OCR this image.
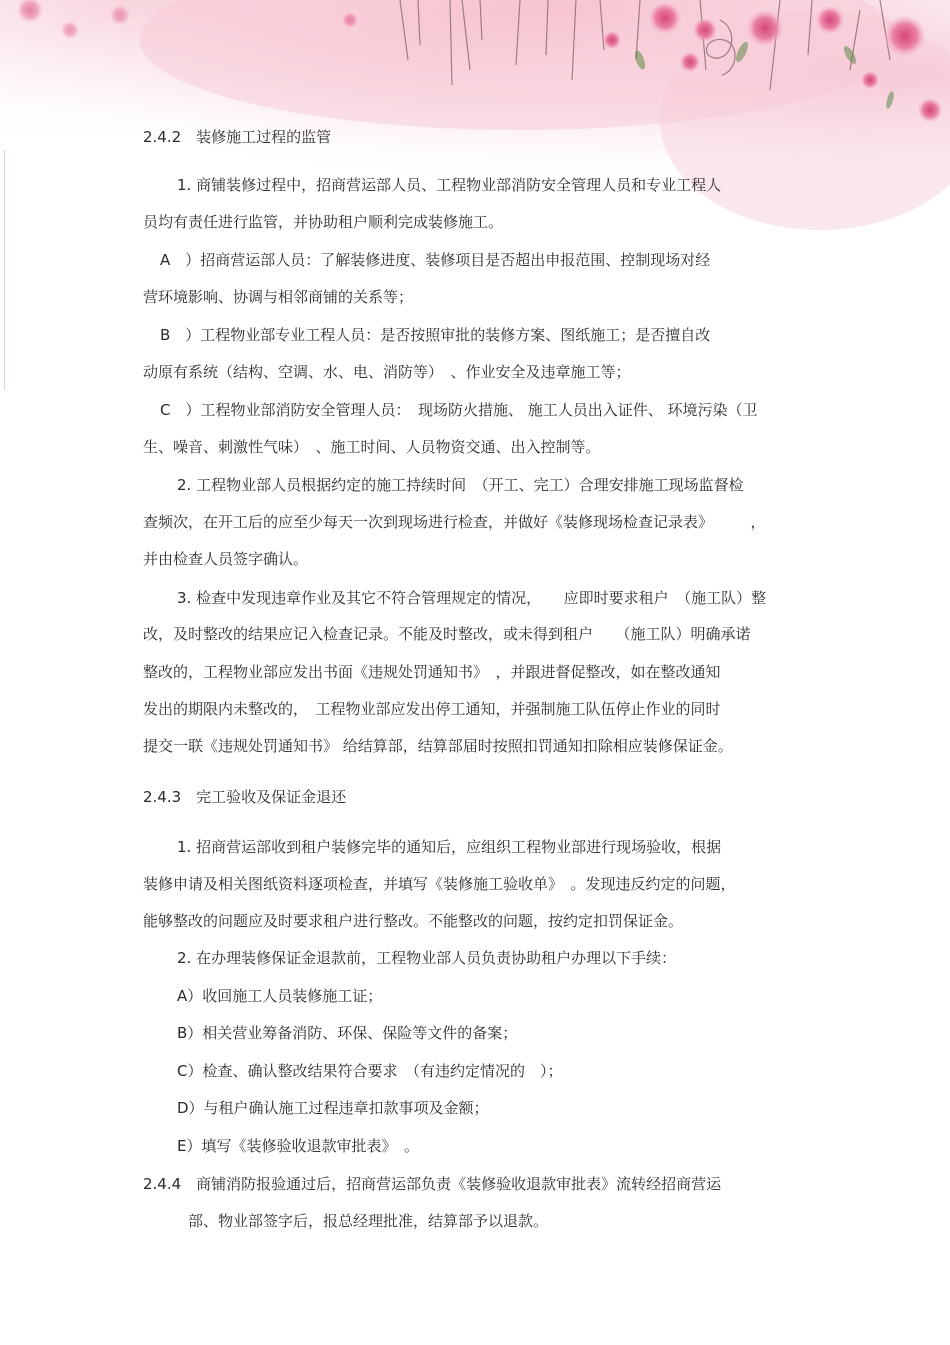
2.4.2　装修施工过程的监管
1. 商铺装修过程中，招商营运部人员、工程物业部消防安全管理人员和专业工程人
员均有责任进行监管，并协助租户顺利完成装修施工。
A　）招商营运部人员：了解装修进度、装修项目是否超出申报范围、控制现场对经
营环境影响、协调与相邻商铺的关系等；
B　）工程物业部专业工程人员：是否按照审批的装修方案、图纸施工；是否擅自改
动原有系统（结构、空调、水、电、消防等）　、作业安全及违章施工等；
C　）工程物业部消防安全管理人员：　现场防火措施、 施工人员出入证件、 环境污染（卫
生、噪音、刺激性气味）　、施工时间、人员物资交通、出入控制等。
2. 工程物业部人员根据约定的施工持续时间　（开工、完工）合理安排施工现场监督检
查频次，在开工后的应至少每天一次到现场进行检查，并做好《装修现场检查记录表》　　　，
并由检查人员签字确认。
3. 检查中发现违章作业及其它不符合管理规定的情况，　　应即时要求租户　（施工队）整
改，及时整改的结果应记入检查记录。不能及时整改，或未得到租户　　（施工队）明确承诺
整改的，工程物业部应发出书面《违规处罚通知书》　，并跟进督促整改，如在整改通知
发出的期限内未整改的，　工程物业部应发出停工通知，并强制施工队伍停止作业的同时
提交一联《违规处罚通知书》 给结算部，结算部届时按照扣罚通知扣除相应装修保证金。
2.4.3　完工验收及保证金退还
1. 招商营运部收到租户装修完毕的通知后，应组织工程物业部进行现场验收，根据
装修申请及相关图纸资料逐项检查，并填写《装修施工验收单》　。发现违反约定的问题，
能够整改的问题应及时要求租户进行整改。不能整改的问题，按约定扣罚保证金。
2. 在办理装修保证金退款前，工程物业部人员负责协助租户办理以下手续：
A）收回施工人员装修施工证；
B）相关营业筹备消防、环保、保险等文件的备案；
C）检查、确认整改结果符合要求　（有违约定情况的　）；
D）与租户确认施工过程违章扣款事项及金额；
E）填写《装修验收退款审批表》　。
2.4.4　商铺消防报验通过后，招商营运部负责《装修验收退款审批表》流转经招商营运
部、物业部签字后，报总经理批准，结算部予以退款。
